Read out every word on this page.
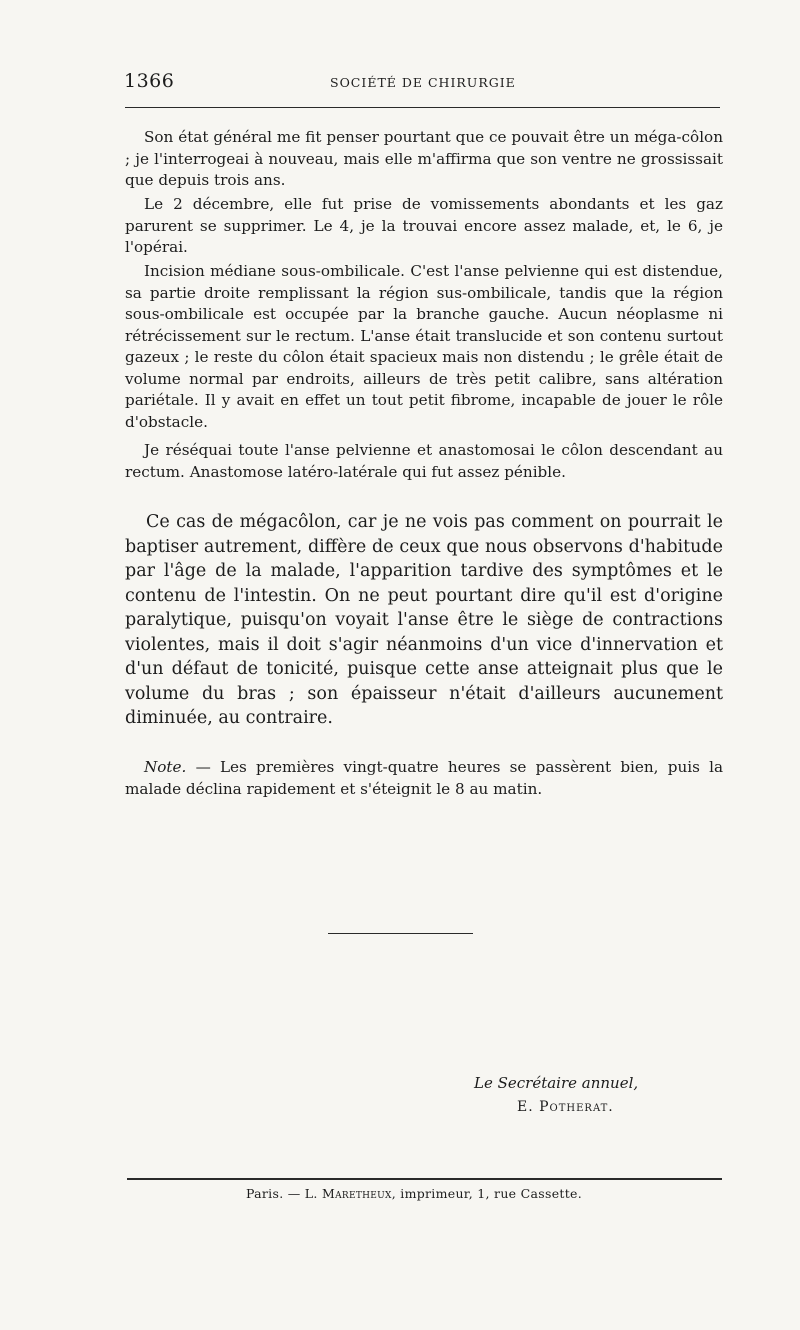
1366	SOCIÉTÉ DE CHIRURGIE

Son état général me fit penser pourtant que ce pouvait être un méga-côlon ; je l'interrogeai à nouveau, mais elle m'affirma que son ventre ne grossissait que depuis trois ans.

Le 2 décembre, elle fut prise de vomissements abondants et les gaz parurent se supprimer. Le 4, je la trouvai encore assez malade, et, le 6, je l'opérai.

Incision médiane sous-ombilicale. C'est l'anse pelvienne qui est distendue, sa partie droite remplissant la région sus-ombilicale, tandis que la région sous-ombilicale est occupée par la branche gauche. Aucun néoplasme ni rétrécissement sur le rectum. L'anse était translucide et son contenu surtout gazeux ; le reste du côlon était spacieux mais non distendu ; le grêle était de volume normal par endroits, ailleurs de très petit calibre, sans altération pariétale. Il y avait en effet un tout petit fibrome, incapable de jouer le rôle d'obstacle.

Je réséquai toute l'anse pelvienne et anastomosai le côlon descendant au rectum. Anastomose latéro-latérale qui fut assez pénible.

Ce cas de mégacôlon, car je ne vois pas comment on pourrait le baptiser autrement, diffère de ceux que nous observons d'habitude par l'âge de la malade, l'apparition tardive des symptômes et le contenu de l'intestin. On ne peut pourtant dire qu'il est d'origine paralytique, puisqu'on voyait l'anse être le siège de contractions violentes, mais il doit s'agir néanmoins d'un vice d'innervation et d'un défaut de tonicité, puisque cette anse atteignait plus que le volume du bras ; son épaisseur n'était d'ailleurs aucunement diminuée, au contraire.

Note. — Les premières vingt-quatre heures se passèrent bien, puis la malade déclina rapidement et s'éteignit le 8 au matin.

Le Secrétaire annuel,
E. Potherat.
Paris. — L. Maretheux, imprimeur, 1, rue Cassette.
